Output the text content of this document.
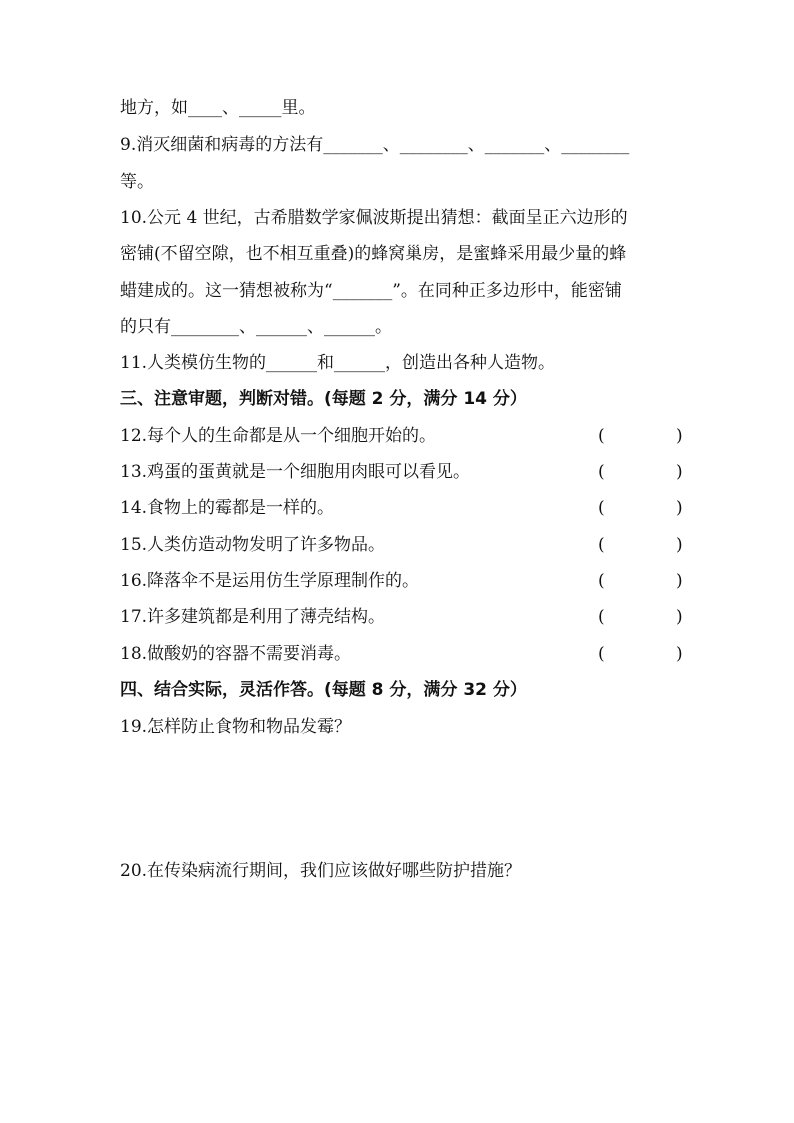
地方，如____、_____里。
9.消灭细菌和病毒的方法有_______、________、_______、________
等。
10.公元 4 世纪，古希腊数学家佩波斯提出猜想：截面呈正六边形的
密铺(不留空隙，也不相互重叠)的蜂窝巢房，是蜜蜂采用最少量的蜂
蜡建成的。这一猜想被称为“_______”。在同种正多边形中，能密铺
的只有________、______、______。
11.人类模仿生物的______和______，创造出各种人造物。
三、注意审题，判断对错。(每题 2 分，满分 14 分）
12.每个人的生命都是从一个细胞开始的。	(	)
13.鸡蛋的蛋黄就是一个细胞用肉眼可以看见。	(	)
14.食物上的霉都是一样的。	(	)
15.人类仿造动物发明了许多物品。	(	)
16.降落伞不是运用仿生学原理制作的。	(	)
17.许多建筑都是利用了薄壳结构。	(	)
18.做酸奶的容器不需要消毒。	(	)
四、结合实际，灵活作答。(每题 8 分，满分 32 分）
19.怎样防止食物和物品发霉？
20.在传染病流行期间，我们应该做好哪些防护措施？
